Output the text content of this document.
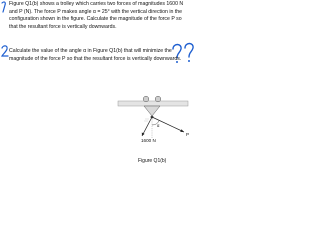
Figure Q1(b) shows a trolley which carries two forces of magnitudes 1600 N
and P (N). The force P makes angle α = 25° with the vertical direction in the
configuration shown in the figure. Calculate the magnitude of the force P so
that the resultant force is vertically downwards.

Calculate the value of the angle α in Figure Q1(b) that will minimize the
magnitude of the force P so that the resultant force is vertically downwards.

α
1600 N
P
Figure Q1(b)
